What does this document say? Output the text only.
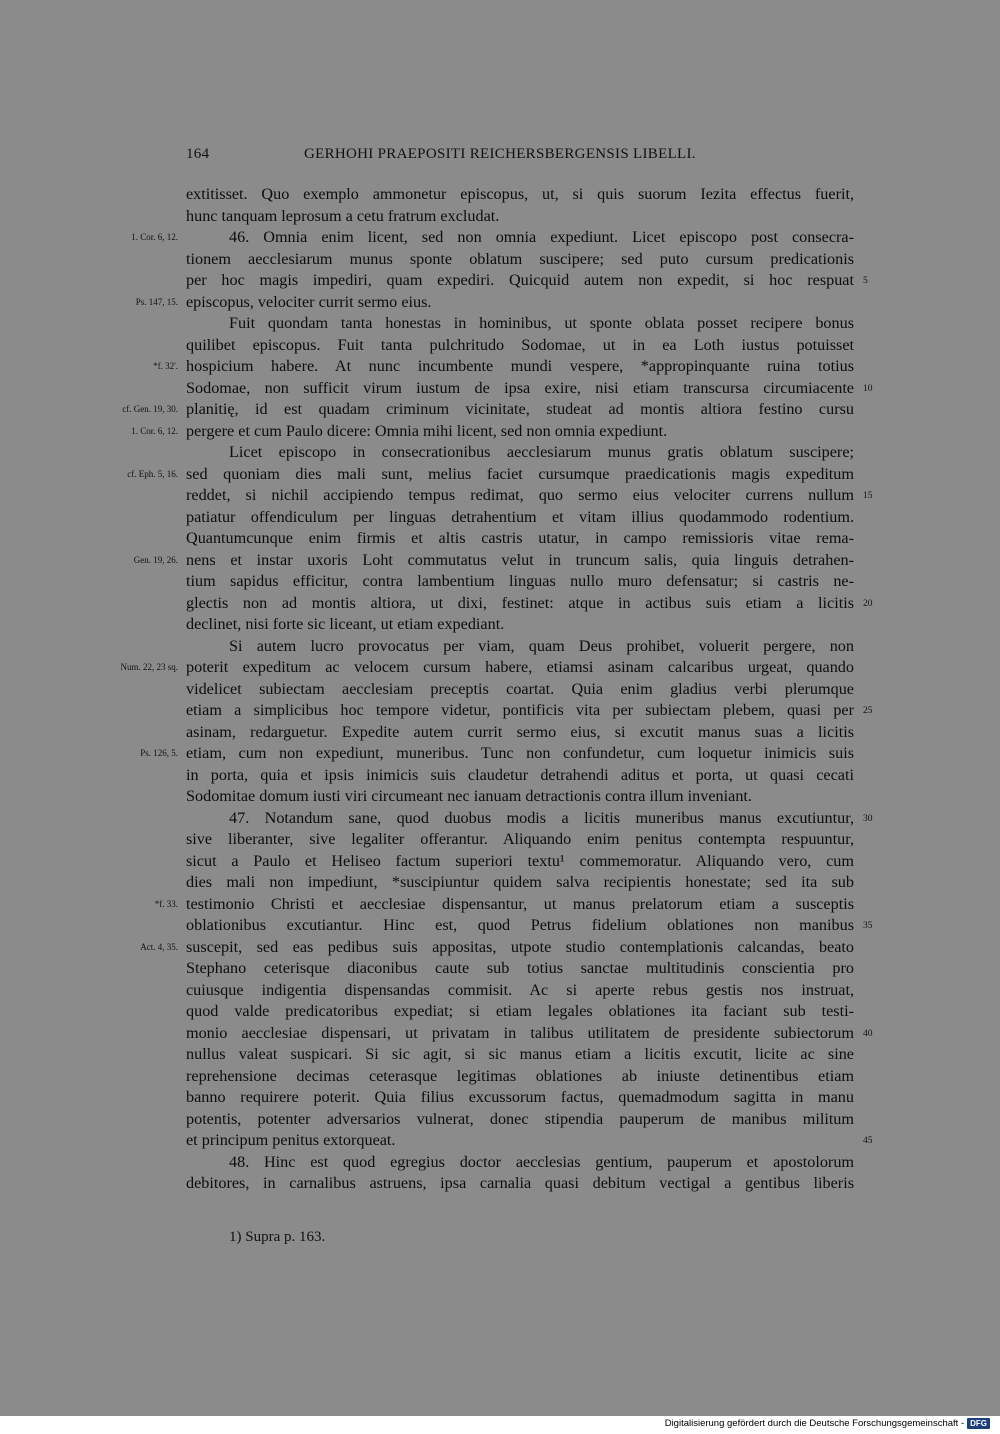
164	GERHOHI PRAEPOSITI REICHERSBERGENSIS LIBELLI.
extitisset. Quo exemplo ammonetur episcopus, ut, si quis suorum Iezita effectus fuerit,
hunc tanquam leprosum a cetu fratrum excludat.
46. Omnia enim licent, sed non omnia expediunt. Licet episcopo post consecra-
1. Cor. 6, 12.
tionem aecclesiarum munus sponte oblatum suscipere; sed puto cursum predicationis
per hoc magis impediri, quam expediri. Quicquid autem non expedit, si hoc respuat 5
episcopus, velociter currit sermo eius.
Ps. 147, 15.
Fuit quondam tanta honestas in hominibus, ut sponte oblata posset recipere bonus
quilibet episcopus. Fuit tanta pulchritudo Sodomae, ut in ea Loth iustus potuisset
hospicium habere. At nunc incumbente mundi vespere, *appropinquante ruina totius
*f. 32'.
Sodomae, non sufficit virum iustum de ipsa exire, nisi etiam transcursa circumiacente 10
planitię, id est quadam criminum vicinitate, studeat ad montis altiora festino cursu
cf. Gen. 19, 30.
pergere et cum Paulo dicere: Omnia mihi licent, sed non omnia expediunt.
1. Cor. 6, 12.
Licet episcopo in consecrationibus aecclesiarum munus gratis oblatum suscipere;
sed quoniam dies mali sunt, melius faciet cursumque praedicationis magis expeditum
cf. Eph. 5, 16.
reddet, si nichil accipiendo tempus redimat, quo sermo eius velociter currens nullum 15
patiatur offendiculum per linguas detrahentium et vitam illius quodammodo rodentium.
Quantumcunque enim firmis et altis castris utatur, in campo remissioris vitae rema-
nens et instar uxoris Loht commutatus velut in truncum salis, quia linguis detrahen-
Gen. 19, 26.
tium sapidus efficitur, contra lambentium linguas nullo muro defensatur; si castris ne-
glectis non ad montis altiora, ut dixi, festinet: atque in actibus suis etiam a licitis 20
declinet, nisi forte sic liceant, ut etiam expediant.
Si autem lucro provocatus per viam, quam Deus prohibet, voluerit pergere, non
poterit expeditum ac velocem cursum habere, etiamsi asinam calcaribus urgeat, quando
Num. 22, 23 sq.
videlicet subiectam aecclesiam preceptis coartat. Quia enim gladius verbi plerumque
etiam a simplicibus hoc tempore videtur, pontificis vita per subiectam plebem, quasi per 25
asinam, redarguetur. Expedite autem currit sermo eius, si excutit manus suas a licitis
etiam, cum non expediunt, muneribus. Tunc non confundetur, cum loquetur inimicis suis
Ps. 126, 5.
in porta, quia et ipsis inimicis suis claudetur detrahendi aditus et porta, ut quasi cecati
Sodomitae domum iusti viri circumeant nec ianuam detractionis contra illum inveniant.
47. Notandum sane, quod duobus modis a licitis muneribus manus excutiuntur, 30
sive liberanter, sive legaliter offerantur. Aliquando enim penitus contempta respuuntur,
sicut a Paulo et Heliseo factum superiori textu¹ commemoratur. Aliquando vero, cum
dies mali non impediunt, *suscipiuntur quidem salva recipientis honestate; sed ita sub
testimonio Christi et aecclesiae dispensantur, ut manus prelatorum etiam a susceptis
*f. 33.
oblationibus excutiantur. Hinc est, quod Petrus fidelium oblationes non manibus 35
suscepit, sed eas pedibus suis appositas, utpote studio contemplationis calcandas, beato
Act. 4, 35.
Stephano ceterisque diaconibus caute sub totius sanctae multitudinis conscientia pro
cuiusque indigentia dispensandas commisit. Ac si aperte rebus gestis nos instruat,
quod valde predicatoribus expediat; si etiam legales oblationes ita faciant sub testi-
monio aecclesiae dispensari, ut privatam in talibus utilitatem de presidente subiectorum 40
nullus valeat suspicari. Si sic agit, si sic manus etiam a licitis excutit, licite ac sine
reprehensione decimas ceterasque legitimas oblationes ab iniuste detinentibus etiam
banno requirere poterit. Quia filius excussorum factus, quemadmodum sagitta in manu
potentis, potenter adversarios vulnerat, donec stipendia pauperum de manibus militum
et principum penitus extorqueat.	45
48. Hinc est quod egregius doctor aecclesias gentium, pauperum et apostolorum
debitores, in carnalibus astruens, ipsa carnalia quasi debitum vectigal a gentibus liberis
1) Supra p. 163.
Digitalisierung gefördert durch die Deutsche Forschungsgemeinschaft - DFG
